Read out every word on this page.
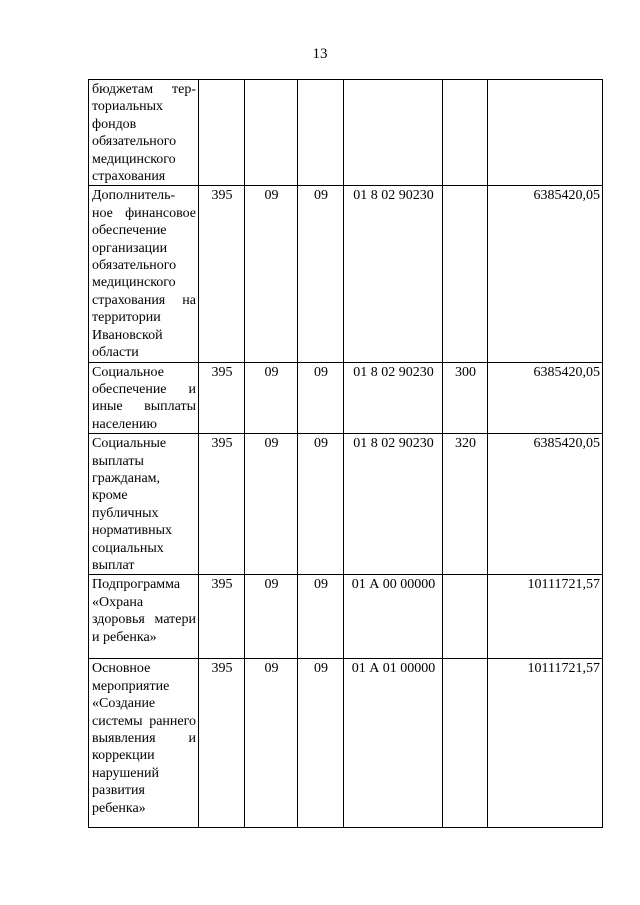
13
бюджетам тер-ториальных фондов обязательного медицинского страхования						
Дополнитель-ное финансовое обеспечение организации обязательного медицинского страхования на территории Ивановской области	395	09	09	01 8 02 90230		6385420,05
Социальное обеспечение и иные выплаты населению	395	09	09	01 8 02 90230	300	6385420,05
Социальные выплаты гражданам, кроме публичных нормативных социальных выплат	395	09	09	01 8 02 90230	320	6385420,05
Подпрограмма «Охрана здоровья матери и ребенка»	395	09	09	01 А 00 00000		10111721,57
Основное мероприятие «Создание системы раннего выявления и коррекции нарушений развития ребенка»	395	09	09	01 А 01 00000		10111721,57
